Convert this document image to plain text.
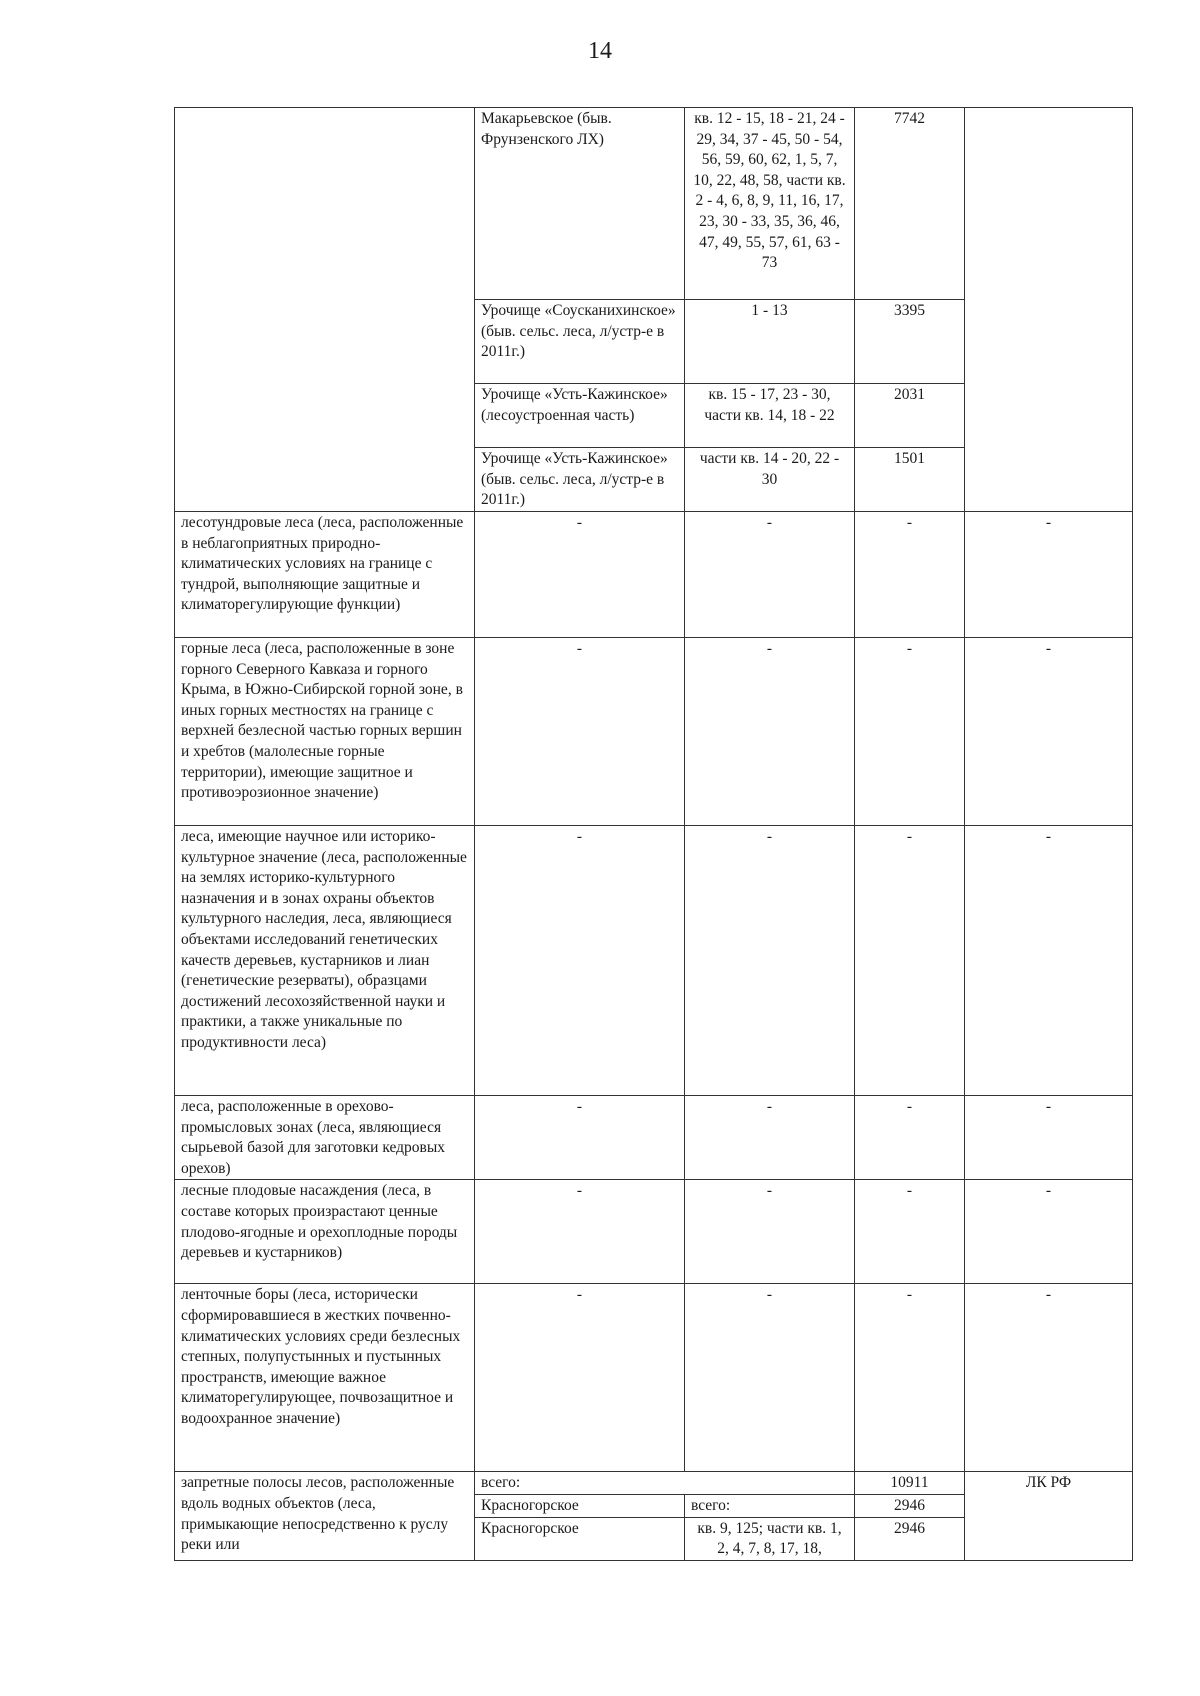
14
	Макарьевское (быв. Фрунзенского ЛХ)	кв. 12 - 15, 18 - 21, 24 - 29, 34, 37 - 45, 50 - 54, 56, 59, 60, 62, 1, 5, 7, 10, 22, 48, 58, части кв. 2 - 4, 6, 8, 9, 11, 16, 17, 23, 30 - 33, 35, 36, 46, 47, 49, 55, 57, 61, 63 - 73	7742	
	Урочище «Соусканихинское» (быв. сельс. леса, л/устр-е в 2011г.)	1 - 13	3395	
	Урочище «Усть-Кажинское» (лесоустроенная часть)	кв. 15 - 17, 23 - 30, части кв. 14, 18 - 22	2031	
	Урочище «Усть-Кажинское» (быв. сельс. леса, л/устр-е в 2011г.)	части кв. 14 - 20, 22 - 30	1501	
лесотундровые леса (леса, расположенные в неблагоприятных природно-климатических условиях на границе с тундрой, выполняющие защитные и климаторегулирующие функции)	-	-	-	-
горные леса (леса, расположенные в зоне горного Северного Кавказа и горного Крыма, в Южно-Сибирской горной зоне, в иных горных местностях на границе с верхней безлесной частью горных вершин и хребтов (малолесные горные территории), имеющие защитное и противоэрозионное значение)	-	-	-	-
леса, имеющие научное или историко-культурное значение (леса, расположенные на землях историко-культурного назначения и в зонах охраны объектов культурного наследия, леса, являющиеся объектами исследований генетических качеств деревьев, кустарников и лиан (генетические резерваты), образцами достижений лесохозяйственной науки и практики, а также уникальные по продуктивности леса)	-	-	-	-
леса, расположенные в орехово-промысловых зонах (леса, являющиеся сырьевой базой для заготовки кедровых орехов)	-	-	-	-
лесные плодовые насаждения (леса, в составе которых произрастают ценные плодово-ягодные и орехоплодные породы деревьев и кустарников)	-	-	-	-
ленточные боры (леса, исторически сформировавшиеся в жестких почвенно-климатических условиях среди безлесных степных, полупустынных и пустынных пространств, имеющие важное климаторегулирующее, почвозащитное и водоохранное значение)	-	-	-	-
запретные полосы лесов, расположенные вдоль водных объектов (леса, примыкающие непосредственно к руслу реки или	всего:		10911	ЛК РФ
	Красногорское	всего:	2946	
	Красногорское	кв. 9, 125; части кв. 1, 2, 4, 7, 8, 17, 18,	2946	
